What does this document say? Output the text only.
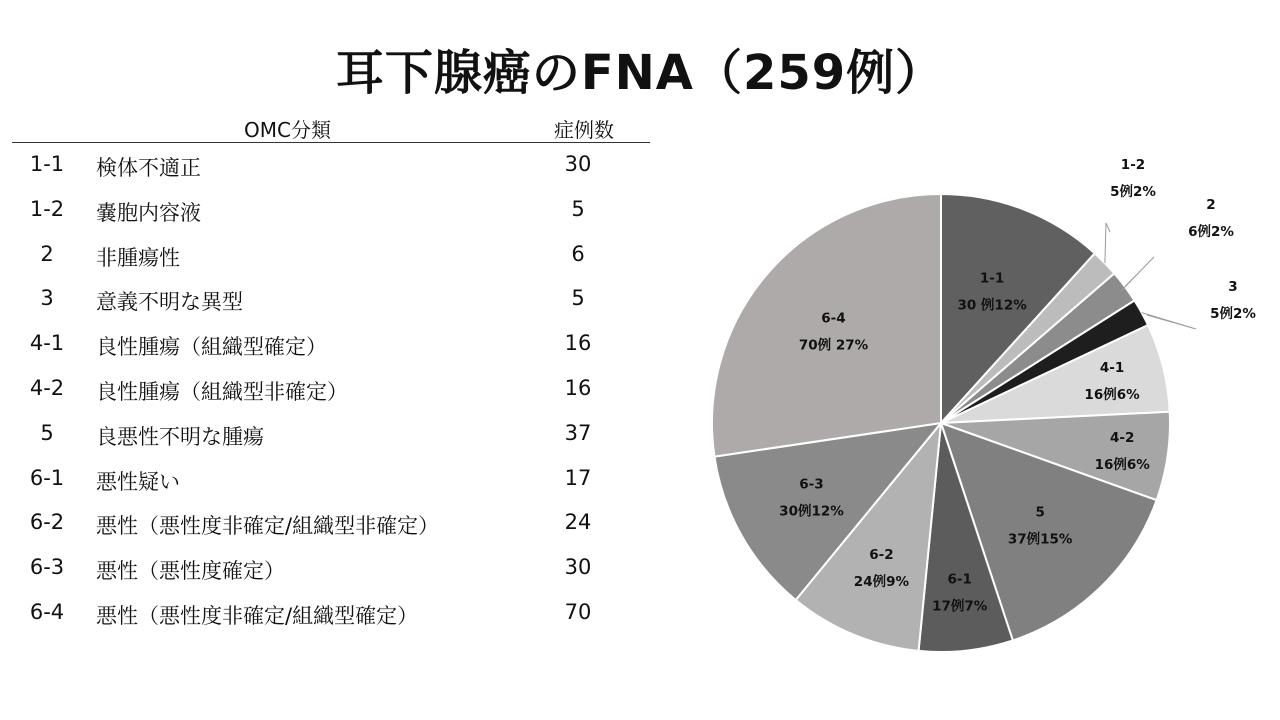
耳下腺癌のFNA（259例）
OMC分類	症例数
1-1	検体不適正	30
1-2	嚢胞内容液	5
2	非腫瘍性	6
3	意義不明な異型	5
4-1	良性腫瘍（組織型確定）	16
4-2	良性腫瘍（組織型非確定）	16
5	良悪性不明な腫瘍	37
6-1	悪性疑い	17
6-2	悪性（悪性度非確定/組織型非確定）	24
6-3	悪性（悪性度確定）	30
6-4	悪性（悪性度非確定/組織型確定）	70
1-1
30 例12%
1-2
5例2%
2
6例2%
3
5例2%
4-1
16例6%
4-2
16例6%
5
37例15%
6-1
17例7%
6-2
24例9%
6-3
30例12%
6-4
70例 27%
